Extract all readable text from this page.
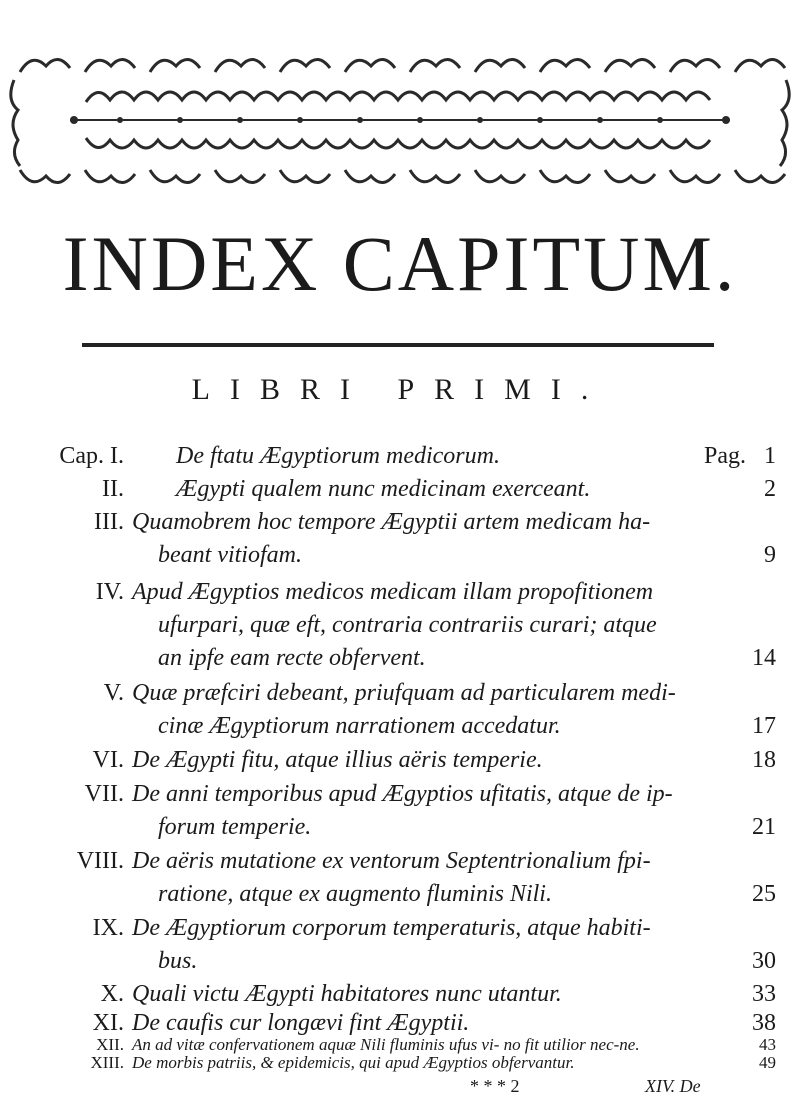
INDEX CAPITUM.
LIBRI PRIMI.
Cap. I. De ftatu Ægyptiorum medicorum.	Pag. 1
II. Ægypti qualem nunc medicinam exerceant.	2
III. Quamobrem hoc tempore Ægyptii artem medicam ha-
beant vitiofam.	9
IV. Apud Ægyptios medicos medicam illam propofitionem
ufurpari, quæ eft, contraria contrariis curari; atque
an ipfe eam recte obfervent.	14
V. Quæ præfciri debeant, priufquam ad particularem medi-
cinæ Ægyptiorum narrationem accedatur.	17
VI. De Ægypti fitu, atque illius aëris temperie.	18
VII. De anni temporibus apud Ægyptios ufitatis, atque de ip-
forum temperie.	21
VIII. De aëris mutatione ex ventorum Septentrionalium fpi-
ratione, atque ex augmento fluminis Nili.	25
IX. De Ægyptiorum corporum temperaturis, atque habiti-
bus.	30
X. Quali victu Ægypti habitatores nunc utantur.	33
XI. De caufis cur longævi fint Ægyptii.	38
XII. An ad vitæ confervationem aquæ Nili fluminis ufus vi- no fit utilior nec-ne.	43
XIII. De morbis patriis, & epidemicis, qui apud Ægyptios obfervantur.	49
* * * 2	XIV. De
